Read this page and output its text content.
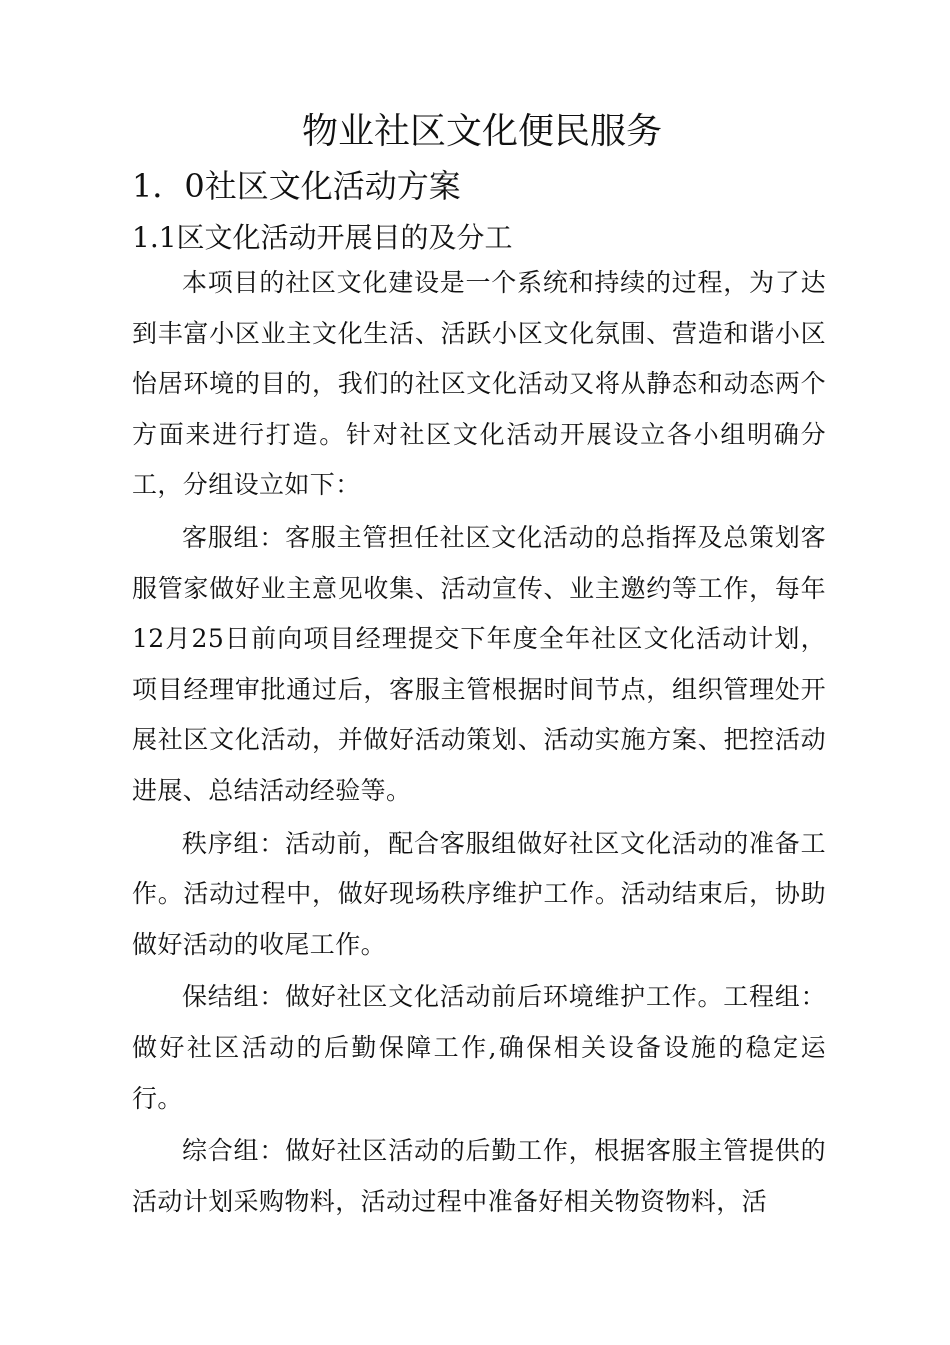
物业社区文化便民服务
1．0社区文化活动方案
1.1区文化活动开展目的及分工

本项目的社区文化建设是一个系统和持续的过程，为了达到丰富小区业主文化生活、活跃小区文化氛围、营造和谐小区怡居环境的目的，我们的社区文化活动又将从静态和动态两个方面来进行打造。针对社区文化活动开展设立各小组明确分工，分组设立如下：

客服组：客服主管担任社区文化活动的总指挥及总策划客服管家做好业主意见收集、活动宣传、业主邀约等工作，每年12月25日前向项目经理提交下年度全年社区文化活动计划，项目经理审批通过后，客服主管根据时间节点，组织管理处开展社区文化活动，并做好活动策划、活动实施方案、把控活动进展、总结活动经验等。

秩序组：活动前，配合客服组做好社区文化活动的准备工作。活动过程中，做好现场秩序维护工作。活动结束后，协助做好活动的收尾工作。

保结组：做好社区文化活动前后环境维护工作。工程组：做好社区活动的后勤保障工作,确保相关设备设施的稳定运行。

综合组：做好社区活动的后勤工作，根据客服主管提供的活动计划采购物料，活动过程中准备好相关物资物料，活
